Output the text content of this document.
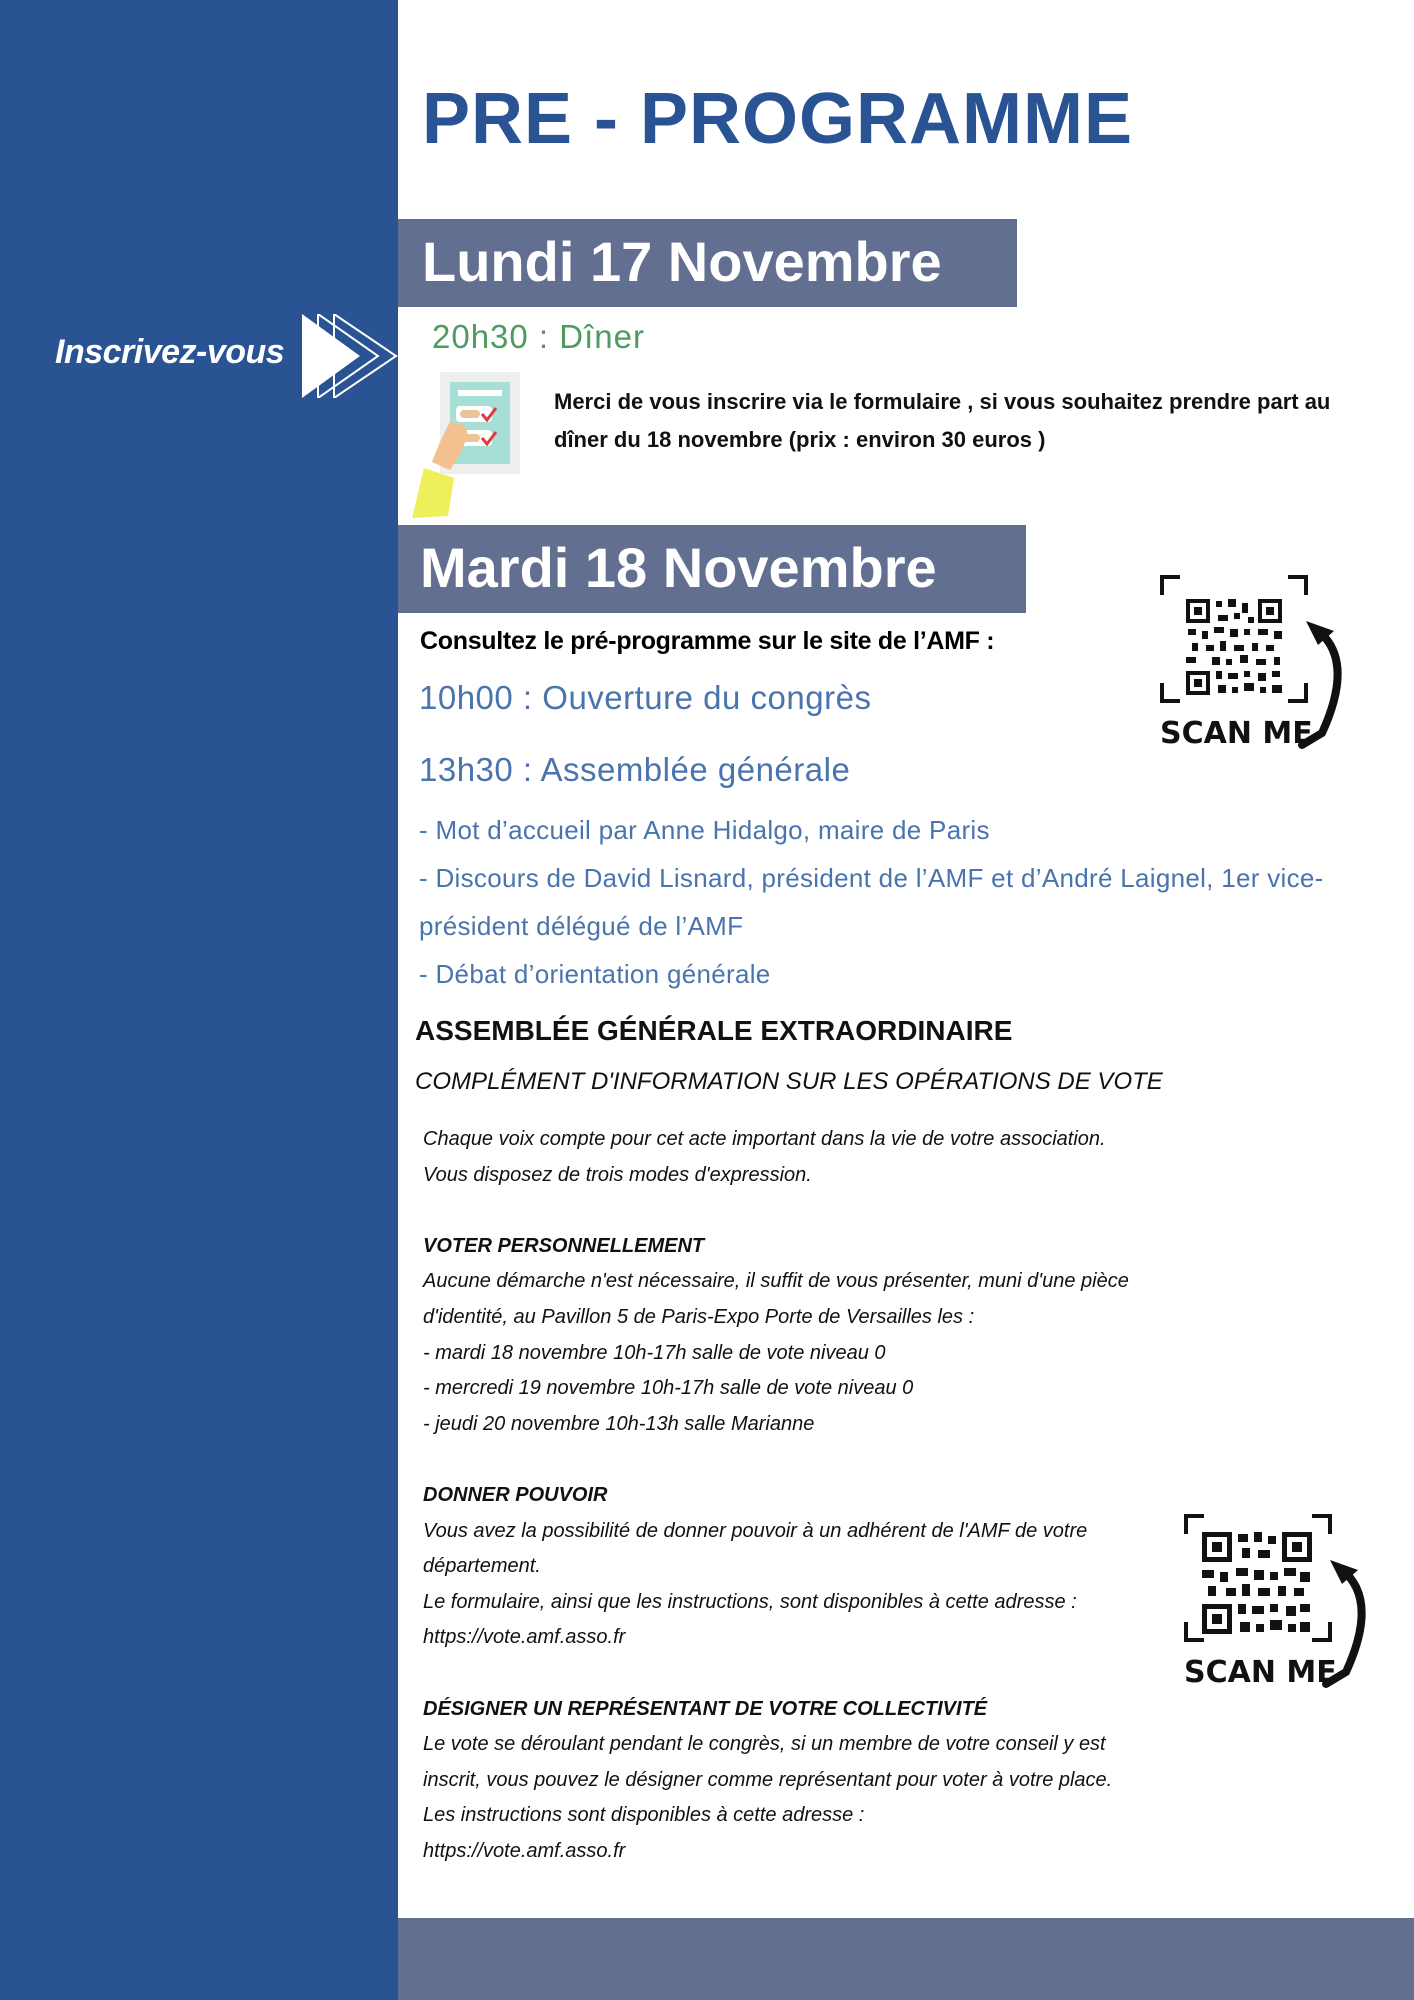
Inscrivez-vous
PRE - PROGRAMME
Lundi 17 Novembre
20h30 : Dîner
Merci de vous inscrire via le formulaire , si vous souhaitez prendre part au
dîner du 18 novembre (prix : environ 30 euros )
Mardi 18 Novembre
SCAN ME
Consultez le pré-programme sur le site de l’AMF :
10h00 : Ouverture du congrès
13h30 : Assemblée générale
- Mot d’accueil par Anne Hidalgo, maire de Paris
- Discours de David Lisnard, président de l’AMF et d’André Laignel, 1er vice-
président délégué de l’AMF
- Débat d’orientation générale
ASSEMBLÉE GÉNÉRALE EXTRAORDINAIRE
COMPLÉMENT D'INFORMATION SUR LES OPÉRATIONS DE VOTE
Chaque voix compte pour cet acte important dans la vie de votre association.
Vous disposez de trois modes d'expression.
VOTER PERSONNELLEMENT
Aucune démarche n'est nécessaire, il suffit de vous présenter, muni d'une pièce
d'identité, au Pavillon 5 de Paris-Expo Porte de Versailles les :
- mardi 18 novembre 10h-17h salle de vote niveau 0
- mercredi 19 novembre 10h-17h salle de vote niveau 0
- jeudi 20 novembre 10h-13h salle Marianne
DONNER POUVOIR
Vous avez la possibilité de donner pouvoir à un adhérent de l'AMF de votre
département.
Le formulaire, ainsi que les instructions, sont disponibles à cette adresse :
https://vote.amf.asso.fr
DÉSIGNER UN REPRÉSENTANT DE VOTRE COLLECTIVITÉ
Le vote se déroulant pendant le congrès, si un membre de votre conseil y est
inscrit, vous pouvez le désigner comme représentant pour voter à votre place.
Les instructions sont disponibles à cette adresse :
https://vote.amf.asso.fr
SCAN ME
